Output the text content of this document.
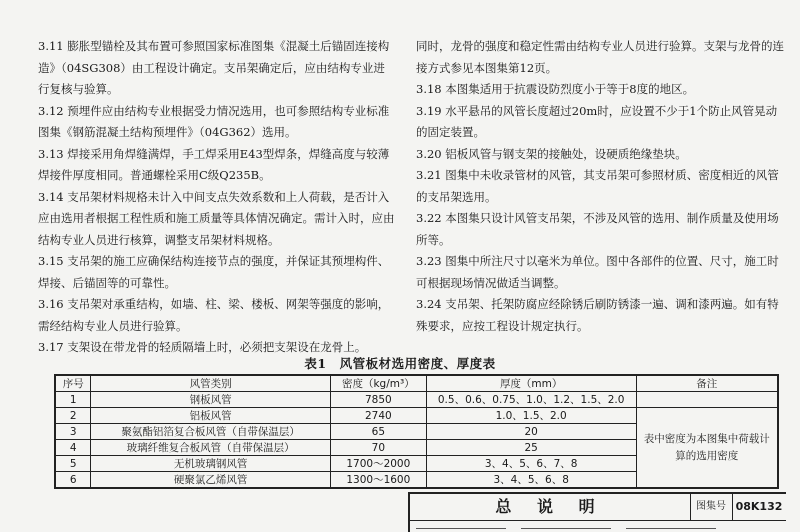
3.11 膨胀型锚栓及其布置可参照国家标准图集《混凝土后锚固连接构造》（04SG308）由工程设计确定。支吊架确定后，应由结构专业进行复核与验算。

3.12 预埋件应由结构专业根据受力情况选用，也可参照结构专业标准图集《钢筋混凝土结构预埋件》（04G362）选用。

3.13 焊接采用角焊缝满焊，手工焊采用E43型焊条，焊缝高度与较薄焊接件厚度相同。普通螺栓采用C级Q235B。

3.14 支吊架材料规格未计入中间支点失效系数和上人荷载，是否计入应由选用者根据工程性质和施工质量等具体情况确定。需计入时，应由结构专业人员进行核算，调整支吊架材料规格。

3.15 支吊架的施工应确保结构连接节点的强度，并保证其预埋构件、焊接、后锚固等的可靠性。

3.16 支吊架对承重结构，如墙、柱、梁、楼板、网架等强度的影响，需经结构专业人员进行验算。

3.17 支架设在带龙骨的轻质隔墙上时，必须把支架设在龙骨上。

同时，龙骨的强度和稳定性需由结构专业人员进行验算。支架与龙骨的连接方式参见本图集第12页。

3.18 本图集适用于抗震设防烈度小于等于8度的地区。

3.19 水平悬吊的风管长度超过20m时，应设置不少于1个防止风管晃动的固定装置。

3.20 铝板风管与钢支架的接触处，设硬质绝缘垫块。

3.21 图集中未收录管材的风管，其支吊架可参照材质、密度相近的风管的支吊架选用。

3.22 本图集只设计风管支吊架，不涉及风管的选用、制作质量及使用场所等。

3.23 图集中所注尺寸以毫米为单位。图中各部件的位置、尺寸，施工时可根据现场情况做适当调整。

3.24 支吊架、托架防腐应经除锈后刷防锈漆一遍、调和漆两遍。如有特殊要求，应按工程设计规定执行。

表1　风管板材选用密度、厚度表
序号	风管类别	密度（kg/m³）	厚度（mm）	备注
1	钢板风管	7850	0.5、0.6、0.75、1.0、1.2、1.5、2.0	
2	铝板风管	2740	1.0、1.5、2.0	表中密度为本图集中荷载计算的选用密度
3	聚氨酯铝箔复合板风管（自带保温层）	65	20	
4	玻璃纤维复合板风管（自带保温层）	70	25	
5	无机玻璃钢风管	1700～2000	3、4、5、6、7、8	
6	硬聚氯乙烯风管	1300～1600	3、4、5、6、8	
总 说 明	图集号 08K132
